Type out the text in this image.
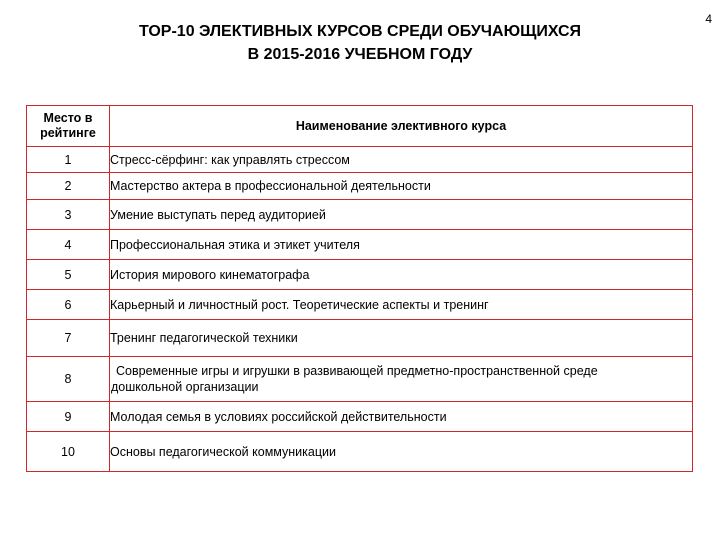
4
ТОР-10 ЭЛЕКТИВНЫХ КУРСОВ СРЕДИ ОБУЧАЮЩИХСЯ
В 2015-2016 УЧЕБНОМ ГОДУ
Место в
рейтинге	Наименование элективного курса
1	Стресс-сёрфинг: как управлять стрессом
2	Мастерство актера в профессиональной деятельности
3	Умение выступать перед аудиторией
4	Профессиональная этика и этикет учителя
5	История мирового кинематографа
6	Карьерный и личностный рост. Теоретические аспекты и тренинг
7	Тренинг педагогической техники
8	Современные игры и игрушки в развивающей предметно-пространственной среде
дошкольной организации
9	Молодая семья в условиях российской действительности
10	Основы педагогической коммуникации
